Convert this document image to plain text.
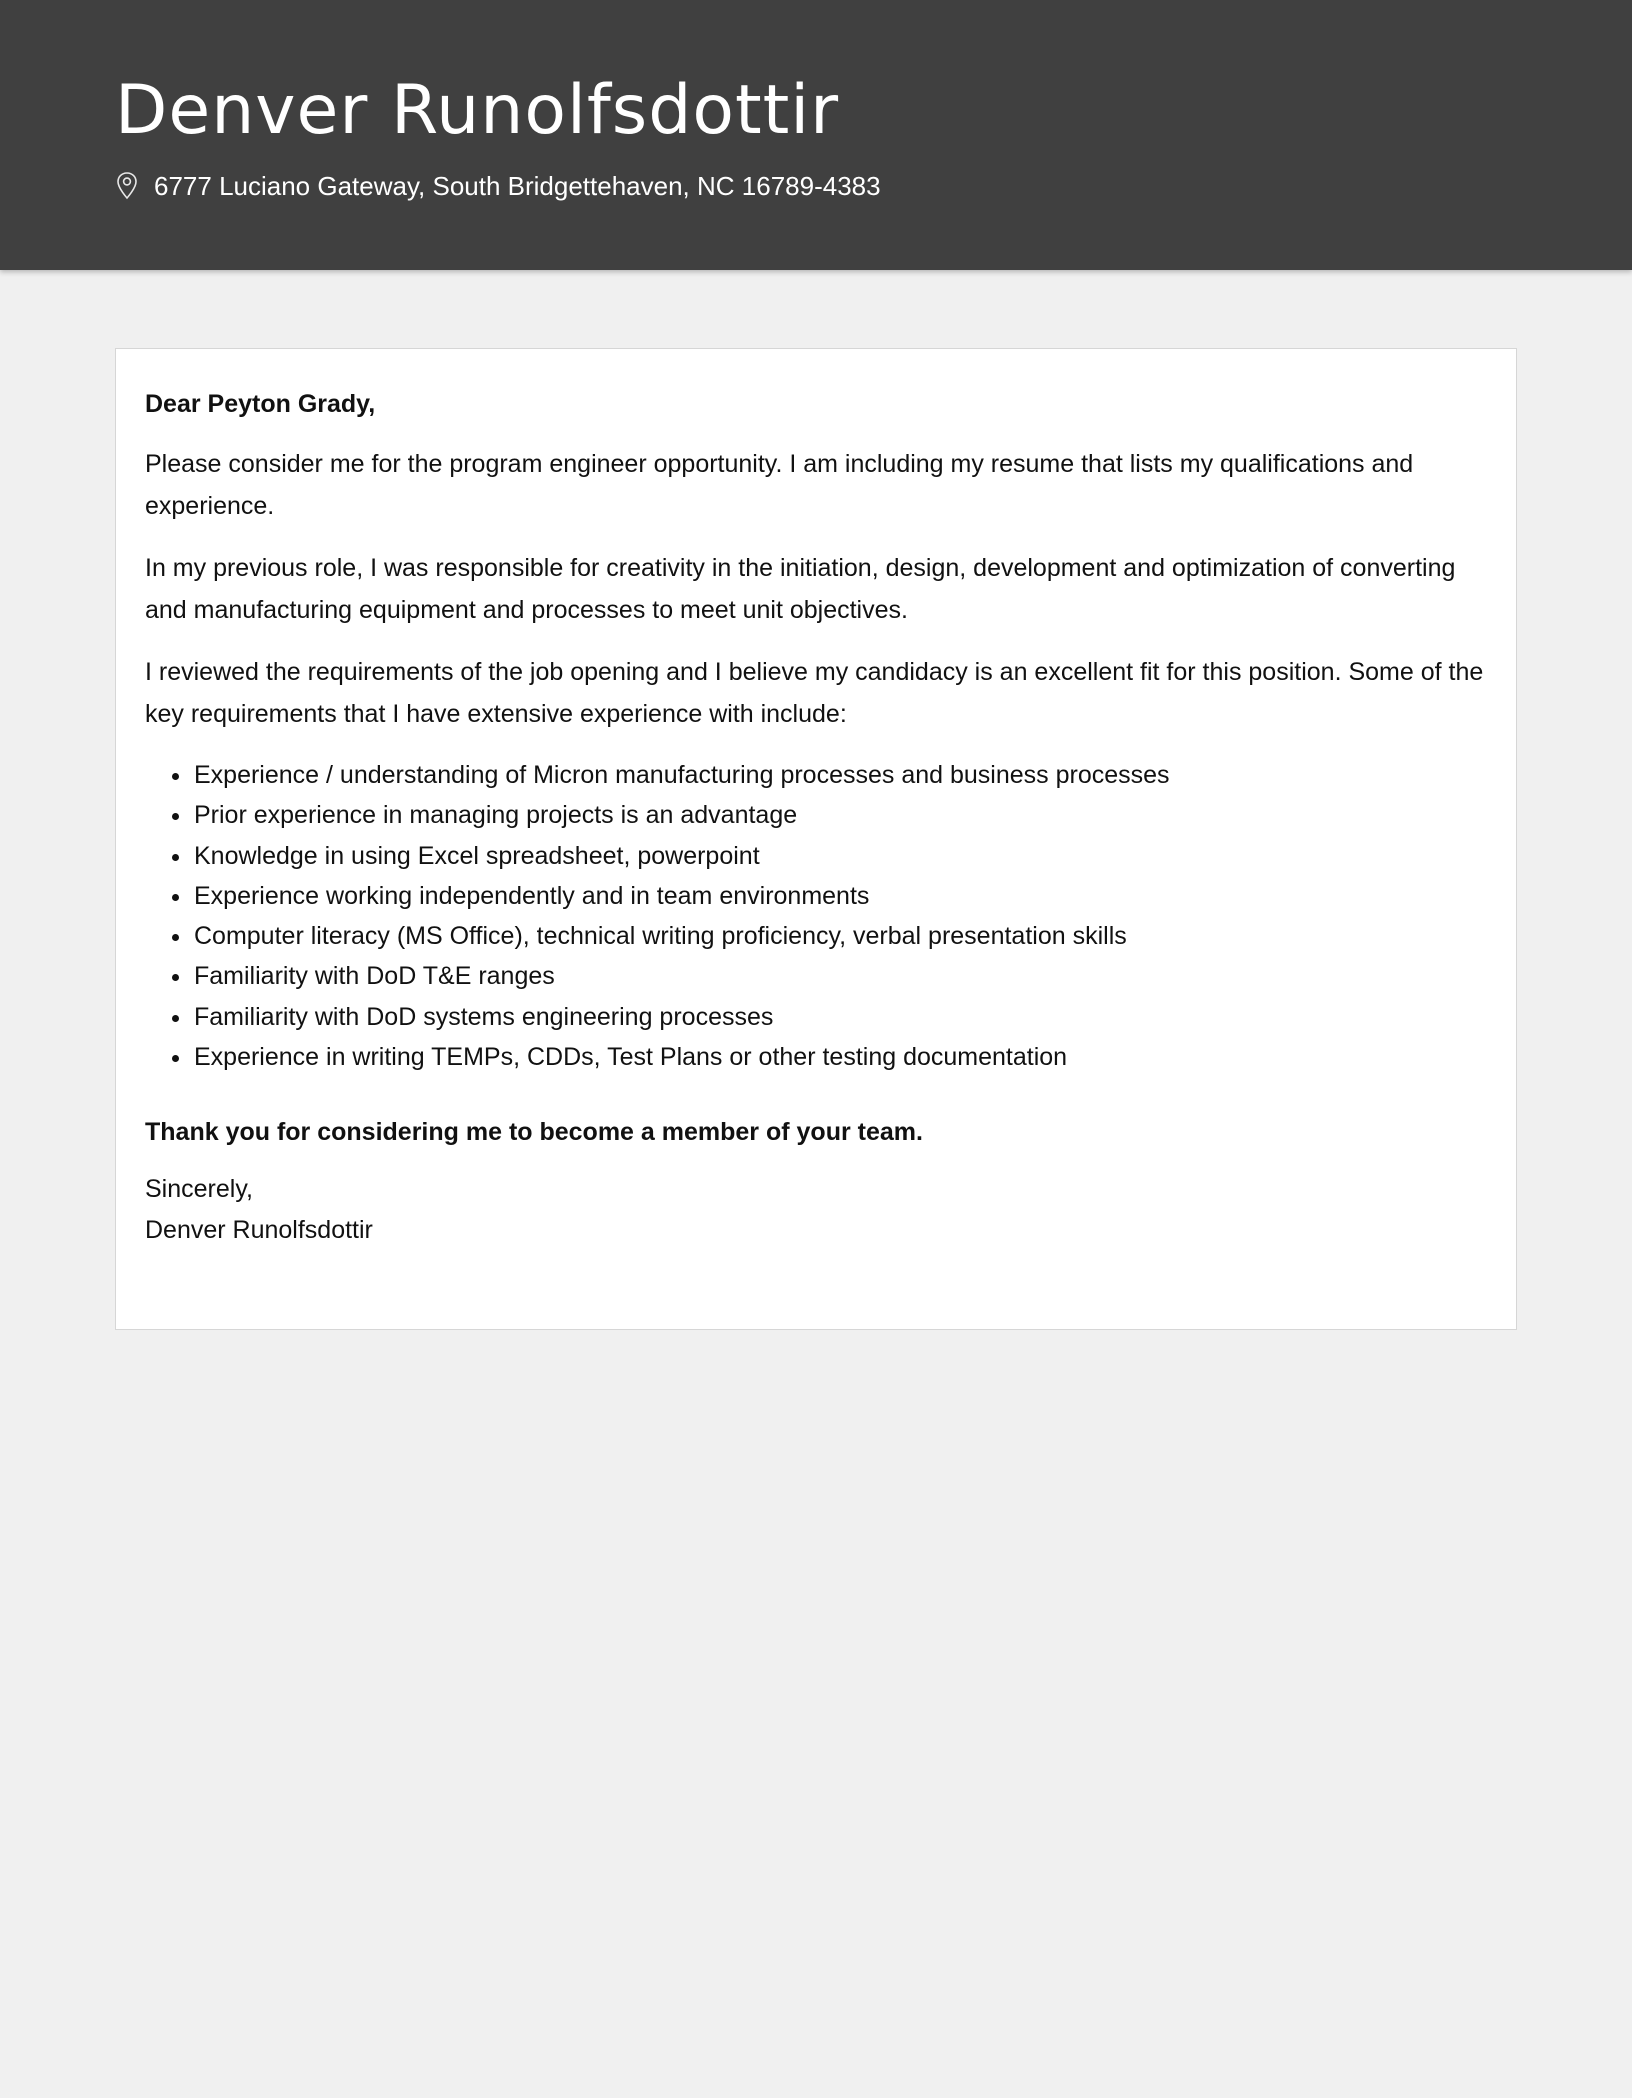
Denver Runolfsdottir
6777 Luciano Gateway, South Bridgettehaven, NC 16789-4383

Dear Peyton Grady,

Please consider me for the program engineer opportunity. I am including my resume that lists my qualifications and experience.

In my previous role, I was responsible for creativity in the initiation, design, development and optimization of converting and manufacturing equipment and processes to meet unit objectives.

I reviewed the requirements of the job opening and I believe my candidacy is an excellent fit for this position. Some of the key requirements that I have extensive experience with include:

• Experience / understanding of Micron manufacturing processes and business processes
• Prior experience in managing projects is an advantage
• Knowledge in using Excel spreadsheet, powerpoint
• Experience working independently and in team environments
• Computer literacy (MS Office), technical writing proficiency, verbal presentation skills
• Familiarity with DoD T&E ranges
• Familiarity with DoD systems engineering processes
• Experience in writing TEMPs, CDDs, Test Plans or other testing documentation

Thank you for considering me to become a member of your team.

Sincerely,
Denver Runolfsdottir
